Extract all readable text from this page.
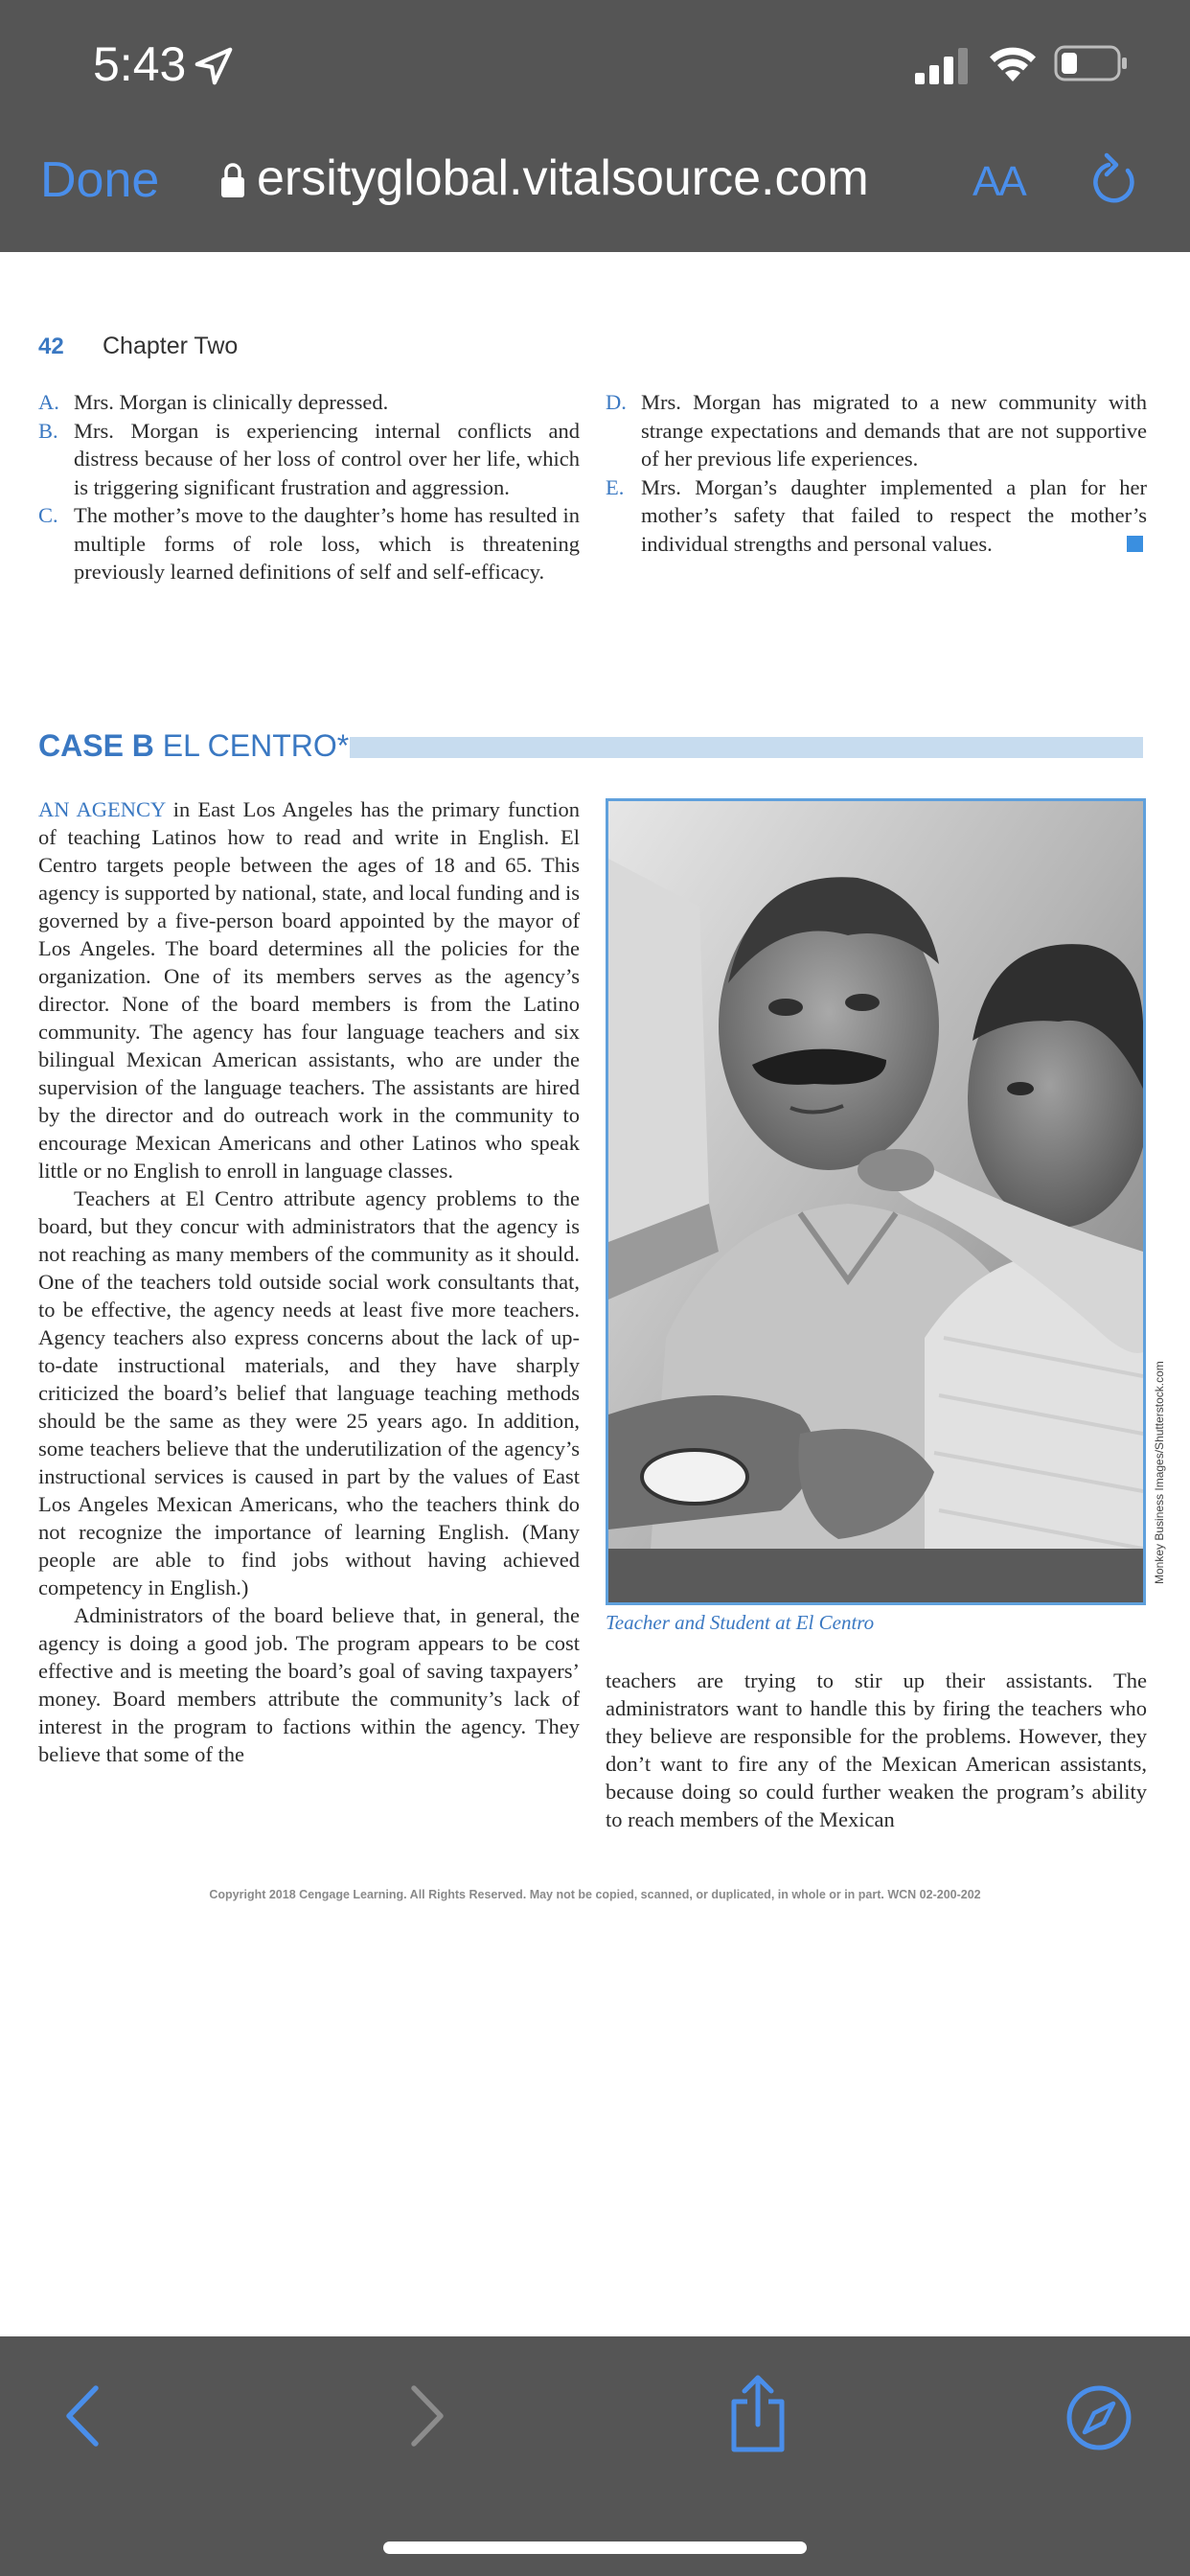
5:43
Done ersityglobal.vitalsource.com	AA
42 Chapter Two
A. Mrs. Morgan is clinically depressed.
B. Mrs. Morgan is experiencing internal conflicts and distress because of her loss of control over her life, which is triggering significant frustration and aggression.
C. The mother’s move to the daughter’s home has resulted in multiple forms of role loss, which is threatening previously learned definitions of self and self-efficacy.
D. Mrs. Morgan has migrated to a new community with strange expectations and demands that are not supportive of her previous life experiences.
E. Mrs. Morgan’s daughter implemented a plan for her mother’s safety that failed to respect the mother’s individual strengths and personal values.
CASE B EL CENTRO*

AN AGENCY in East Los Angeles has the primary function of teaching Latinos how to read and write in English. El Centro targets people between the ages of 18 and 65. This agency is supported by national, state, and local funding and is governed by a five-person board appointed by the mayor of Los Angeles. The board determines all the policies for the organization. One of its members serves as the agency’s director. None of the board members is from the Latino community. The agency has four language teachers and six bilingual Mexican American assistants, who are under the supervision of the language teachers. The assistants are hired by the director and do outreach work in the community to encourage Mexican Americans and other Latinos who speak little or no English to enroll in language classes.

Teachers at El Centro attribute agency problems to the board, but they concur with administrators that the agency is not reaching as many members of the community as it should. One of the teachers told outside social work consultants that, to be effective, the agency needs at least five more teachers. Agency teachers also express concerns about the lack of up-to-date instructional materials, and they have sharply criticized the board’s belief that language teaching methods should be the same as they were 25 years ago. In addition, some teachers believe that the underutilization of the agency’s instructional services is caused in part by the values of East Los Angeles Mexican Americans, who the teachers think do not recognize the importance of learning English. (Many people are able to find jobs without having achieved competency in English.)

Administrators of the board believe that, in general, the agency is doing a good job. The program appears to be cost effective and is meeting the board’s goal of saving taxpayers’ money. Board members attribute the community’s lack of interest in the program to factions within the agency. They believe that some of the

Monkey Business Images/Shutterstock.com
Teacher and Student at El Centro

teachers are trying to stir up their assistants. The administrators want to handle this by firing the teachers who they believe are responsible for the problems. However, they don’t want to fire any of the Mexican American assistants, because doing so could further weaken the program’s ability to reach members of the Mexican

Copyright 2018 Cengage Learning. All Rights Reserved. May not be copied, scanned, or duplicated, in whole or in part. WCN 02-200-202
